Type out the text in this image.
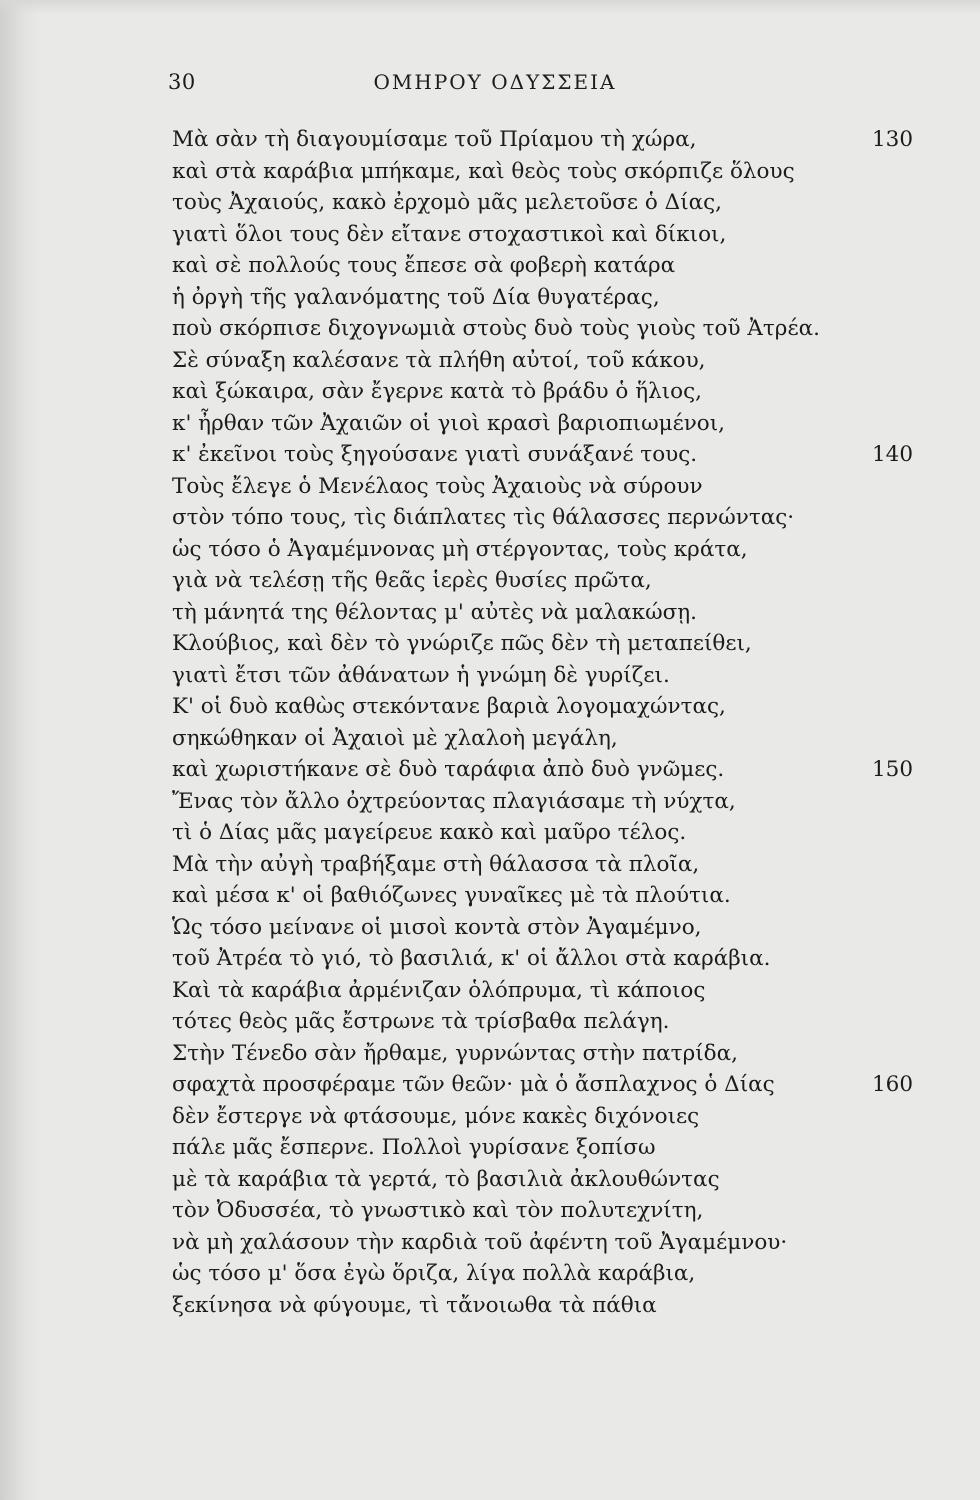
30	ΟΜΗΡΟΥ ΟΔΥΣΣΕΙΑ
Μὰ σὰν τὴ διαγουμίσαμε τοῦ Πρίαμου τὴ χώρα,	130
καὶ στὰ καράβια μπήκαμε, καὶ θεὸς τοὺς σκόρπιζε ὅλους
τοὺς Ἀχαιούς, κακὸ ἐρχομὸ μᾶς μελετοῦσε ὁ Δίας,
γιατὶ ὅλοι τους δὲν εἴτανε στοχαστικοὶ καὶ δίκιοι,
καὶ σὲ πολλούς τους ἔπεσε σὰ φοβερὴ κατάρα
ἡ ὀργὴ τῆς γαλανόματης τοῦ Δία θυγατέρας,
ποὺ σκόρπισε διχογνωμιὰ στοὺς δυὸ τοὺς γιοὺς τοῦ Ἀτρέα.
Σὲ σύναξη καλέσανε τὰ πλήθη αὐτοί, τοῦ κάκου,
καὶ ξώκαιρα, σὰν ἔγερνε κατὰ τὸ βράδυ ὁ ἥλιος,
κ' ἦρθαν τῶν Ἀχαιῶν οἱ γιοὶ κρασὶ βαριοπιωμένοι,
κ' ἐκεῖνοι τοὺς ξηγούσανε γιατὶ συνάξανέ τους.	140
Τοὺς ἔλεγε ὁ Μενέλαος τοὺς Ἀχαιοὺς νὰ σύρουν
στὸν τόπο τους, τὶς διάπλατες τὶς θάλασσες περνώντας·
ὡς τόσο ὁ Ἀγαμέμνονας μὴ στέργοντας, τοὺς κράτα,
γιὰ νὰ τελέσῃ τῆς θεᾶς ἱερὲς θυσίες πρῶτα,
τὴ μάνητά της θέλοντας μ' αὐτὲς νὰ μαλακώσῃ.
Κλούβιος, καὶ δὲν τὸ γνώριζε πῶς δὲν τὴ μεταπείθει,
γιατὶ ἔτσι τῶν ἀθάνατων ἡ γνώμη δὲ γυρίζει.
Κ' οἱ δυὸ καθὼς στεκόντανε βαριὰ λογομαχώντας,
σηκώθηκαν οἱ Ἀχαιοὶ μὲ χλαλοὴ μεγάλη,
καὶ χωριστήκανε σὲ δυὸ ταράφια ἀπὸ δυὸ γνῶμες.	150
Ἔνας τὸν ἄλλο ὀχτρεύοντας πλαγιάσαμε τὴ νύχτα,
τὶ ὁ Δίας μᾶς μαγείρευε κακὸ καὶ μαῦρο τέλος.
Μὰ τὴν αὐγὴ τραβήξαμε στὴ θάλασσα τὰ πλοῖα,
καὶ μέσα κ' οἱ βαθιόζωνες γυναῖκες μὲ τὰ πλούτια.
Ὡς τόσο μείνανε οἱ μισοὶ κοντὰ στὸν Ἀγαμέμνο,
τοῦ Ἀτρέα τὸ γιό, τὸ βασιλιά, κ' οἱ ἄλλοι στὰ καράβια.
Καὶ τὰ καράβια ἀρμένιζαν ὁλόπρυμα, τὶ κάποιος
τότες θεὸς μᾶς ἔστρωνε τὰ τρίσβαθα πελάγη.
Στὴν Τένεδο σὰν ἤρθαμε, γυρνώντας στὴν πατρίδα,
σφαχτὰ προσφέραμε τῶν θεῶν· μὰ ὁ ἄσπλαχνος ὁ Δίας	160
δὲν ἔστεργε νὰ φτάσουμε, μόνε κακὲς διχόνοιες
πάλε μᾶς ἔσπερνε. Πολλοὶ γυρίσανε ξοπίσω
μὲ τὰ καράβια τὰ γερτά, τὸ βασιλιὰ ἀκλουθώντας
τὸν Ὀδυσσέα, τὸ γνωστικὸ καὶ τὸν πολυτεχνίτη,
νὰ μὴ χαλάσουν τὴν καρδιὰ τοῦ ἀφέντη τοῦ Ἀγαμέμνου·
ὡς τόσο μ' ὅσα ἐγὼ ὅριζα, λίγα πολλὰ καράβια,
ξεκίνησα νὰ φύγουμε, τὶ τἄνοιωθα τὰ πάθια
